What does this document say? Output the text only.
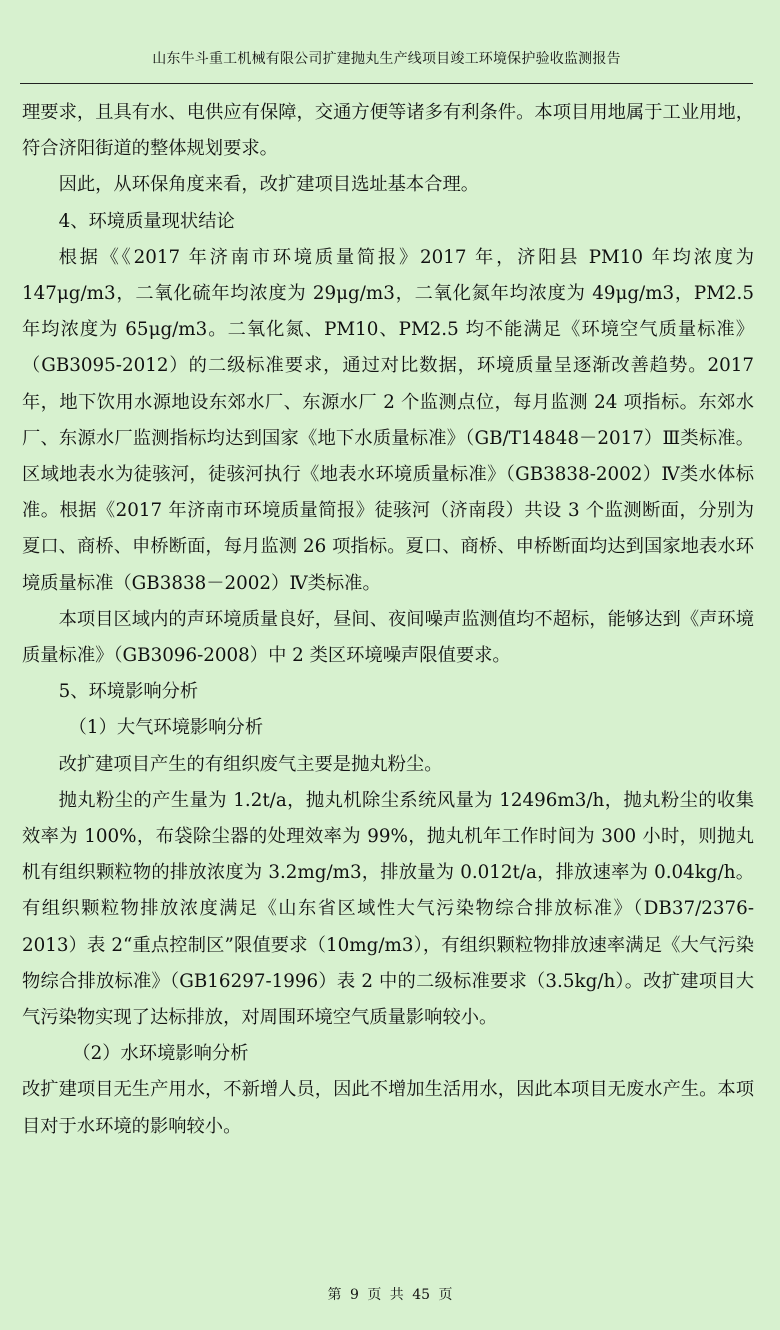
山东牛斗重工机械有限公司扩建抛丸生产线项目竣工环境保护验收监测报告

理要求，且具有水、电供应有保障，交通方便等诸多有利条件。本项目用地属于工业用地，符合济阳街道的整体规划要求。

因此，从环保角度来看，改扩建项目选址基本合理。

4、环境质量现状结论

根据《《2017 年济南市环境质量简报》2017 年，济阳县 PM10 年均浓度为 147μg/m3，二氧化硫年均浓度为 29μg/m3，二氧化氮年均浓度为 49μg/m3，PM2.5 年均浓度为 65μg/m3。二氧化氮、PM10、PM2.5 均不能满足《环境空气质量标准》（GB3095-2012）的二级标准要求，通过对比数据，环境质量呈逐渐改善趋势。2017 年，地下饮用水源地设东郊水厂、东源水厂 2 个监测点位，每月监测 24 项指标。东郊水厂、东源水厂监测指标均达到国家《地下水质量标准》（GB/T14848－2017）Ⅲ类标准。区域地表水为徒骇河，徒骇河执行《地表水环境质量标准》（GB3838-2002）Ⅳ类水体标准。根据《2017 年济南市环境质量简报》徒骇河（济南段）共设 3 个监测断面，分别为夏口、商桥、申桥断面，每月监测 26 项指标。夏口、商桥、申桥断面均达到国家地表水环境质量标准（GB3838－2002）Ⅳ类标准。

本项目区域内的声环境质量良好，昼间、夜间噪声监测值均不超标，能够达到《声环境质量标准》（GB3096-2008）中 2 类区环境噪声限值要求。

5、环境影响分析

（1）大气环境影响分析

改扩建项目产生的有组织废气主要是抛丸粉尘。

抛丸粉尘的产生量为 1.2t/a，抛丸机除尘系统风量为 12496m3/h，抛丸粉尘的收集效率为 100%，布袋除尘器的处理效率为 99%，抛丸机年工作时间为 300 小时，则抛丸机有组织颗粒物的排放浓度为 3.2mg/m3，排放量为 0.012t/a，排放速率为 0.04kg/h。有组织颗粒物排放浓度满足《山东省区域性大气污染物综合排放标准》（DB37/2376-2013）表 2“重点控制区”限值要求（10mg/m3），有组织颗粒物排放速率满足《大气污染物综合排放标准》（GB16297-1996）表 2 中的二级标准要求（3.5kg/h）。改扩建项目大气污染物实现了达标排放，对周围环境空气质量影响较小。

（2）水环境影响分析

改扩建项目无生产用水，不新增人员，因此不增加生活用水，因此本项目无废水产生。本项目对于水环境的影响较小。

第 9 页 共 45 页
